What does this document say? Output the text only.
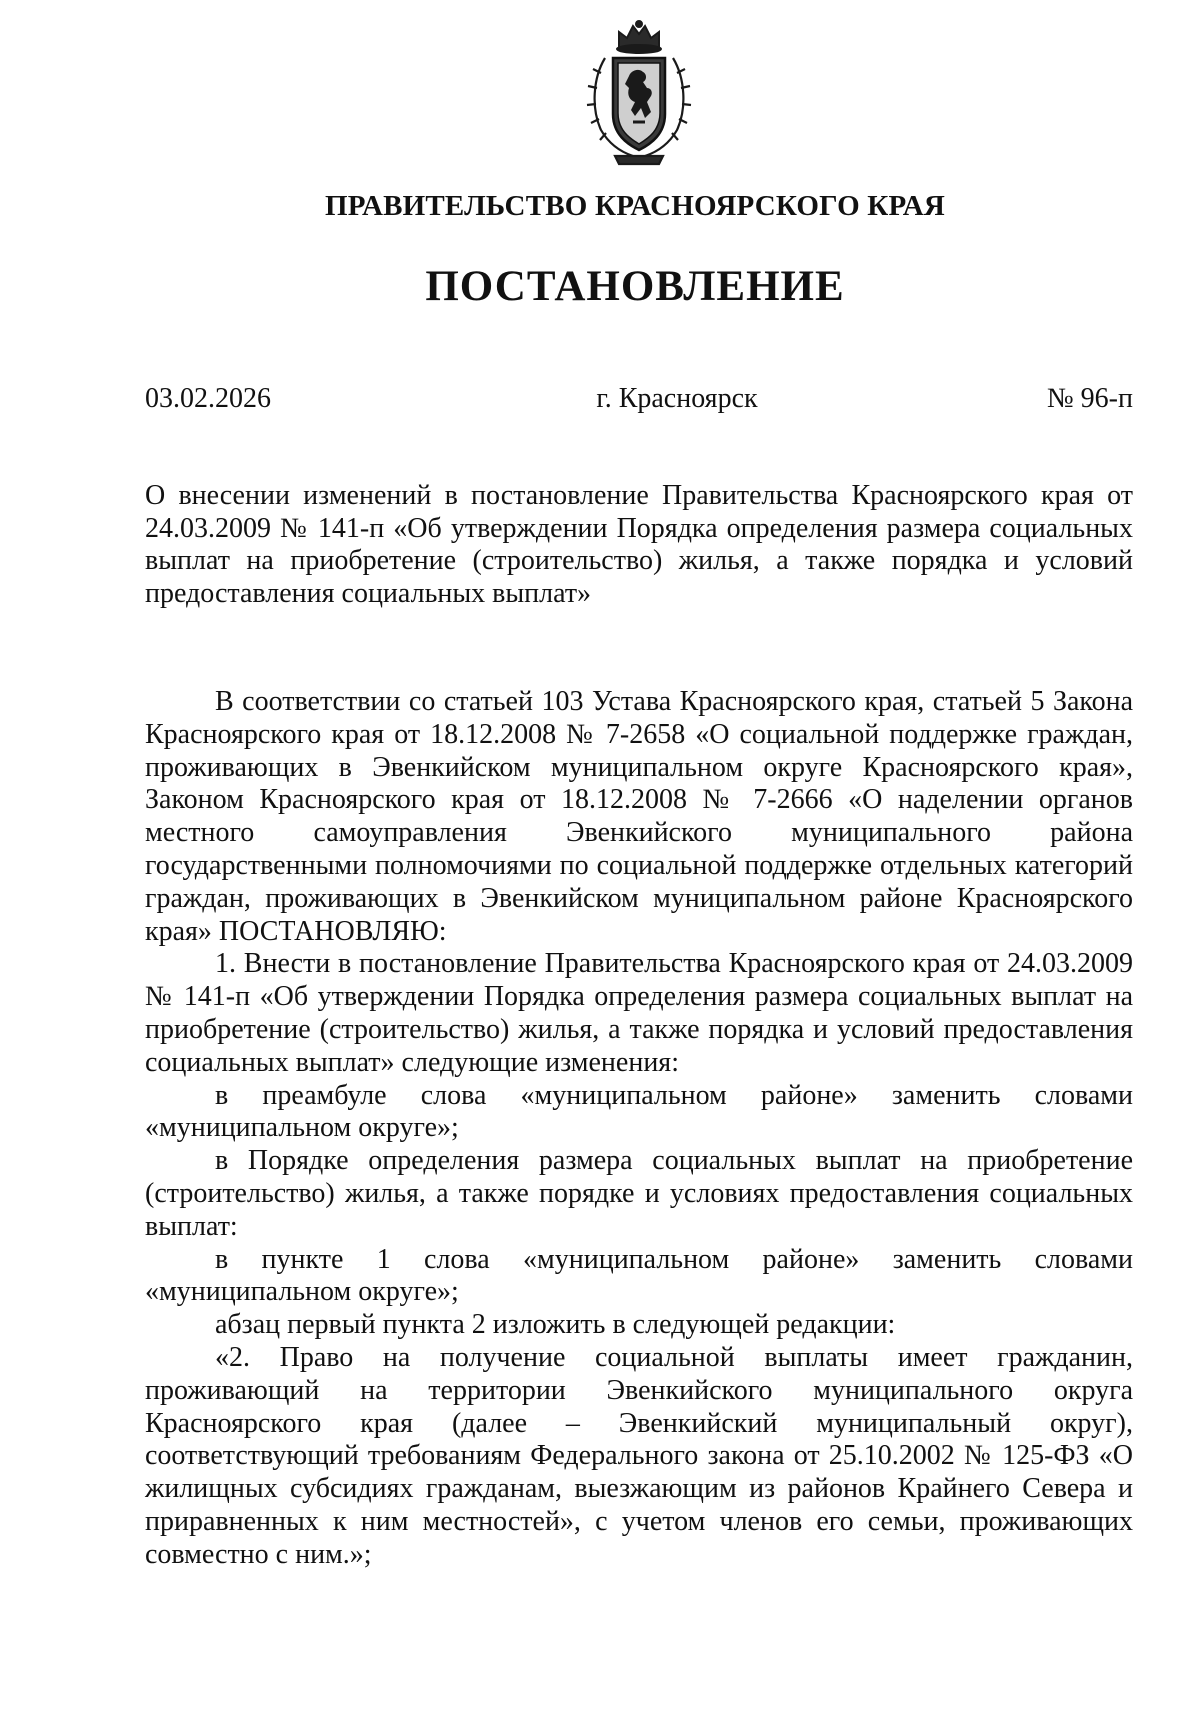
ПРАВИТЕЛЬСТВО КРАСНОЯРСКОГО КРАЯ
ПОСТАНОВЛЕНИЕ
03.02.2026	г. Красноярск	№ 96-п
О внесении изменений в постановление Правительства Красноярского края от 24.03.2009 № 141-п «Об утверждении Порядка определения размера социальных выплат на приобретение (строительство) жилья, а также порядка и условий предоставления социальных выплат»

В соответствии со статьей 103 Устава Красноярского края, статьей 5 Закона Красноярского края от 18.12.2008 № 7-2658 «О социальной поддержке граждан, проживающих в Эвенкийском муниципальном округе Красноярского края», Законом Красноярского края от 18.12.2008 № 7-2666 «О наделении органов местного самоуправления Эвенкийского муниципального района государственными полномочиями по социальной поддержке отдельных категорий граждан, проживающих в Эвенкийском муниципальном районе Красноярского края» ПОСТАНОВЛЯЮ:

1. Внести в постановление Правительства Красноярского края от 24.03.2009 № 141-п «Об утверждении Порядка определения размера социальных выплат на приобретение (строительство) жилья, а также порядка и условий предоставления социальных выплат» следующие изменения:

в преамбуле слова «муниципальном районе» заменить словами «муниципальном округе»;

в Порядке определения размера социальных выплат на приобретение (строительство) жилья, а также порядке и условиях предоставления социальных выплат:

в пункте 1 слова «муниципальном районе» заменить словами «муниципальном округе»;

абзац первый пункта 2 изложить в следующей редакции:

«2. Право на получение социальной выплаты имеет гражданин, проживающий на территории Эвенкийского муниципального округа Красноярского края (далее – Эвенкийский муниципальный округ), соответствующий требованиям Федерального закона от 25.10.2002 № 125-ФЗ «О жилищных субсидиях гражданам, выезжающим из районов Крайнего Севера и приравненных к ним местностей», с учетом членов его семьи, проживающих совместно с ним.»;
